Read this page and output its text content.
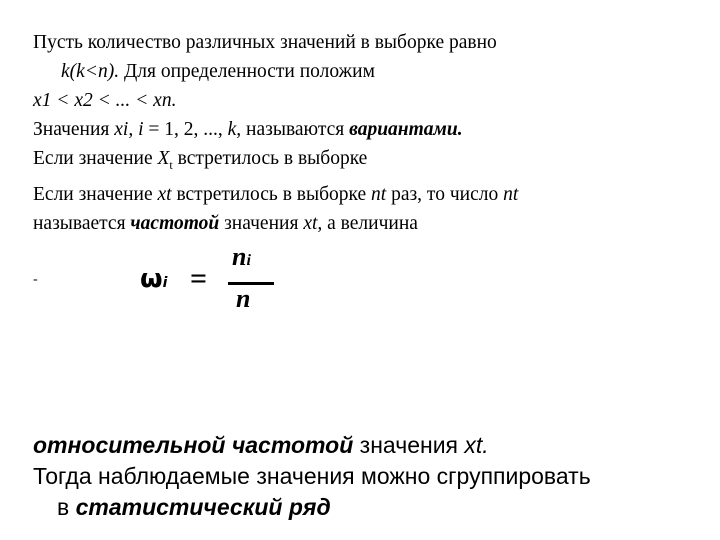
Пусть количество различных значений в выборке равно

k(k<n). Для определенности положим

x1 < x2 < ... < xn.

Значения xi, i = 1, 2, ..., k, называются вариантами.

Если значение $X_t$ встретилось в выборке

Если значение xt встретилось в выборке nt раз, то число nt

называется частотой значения xt, а величина

-	ωi =
ni
n

относительной частотой значения xt.

Тогда наблюдаемые значения можно сгруппировать

в статистический ряд
